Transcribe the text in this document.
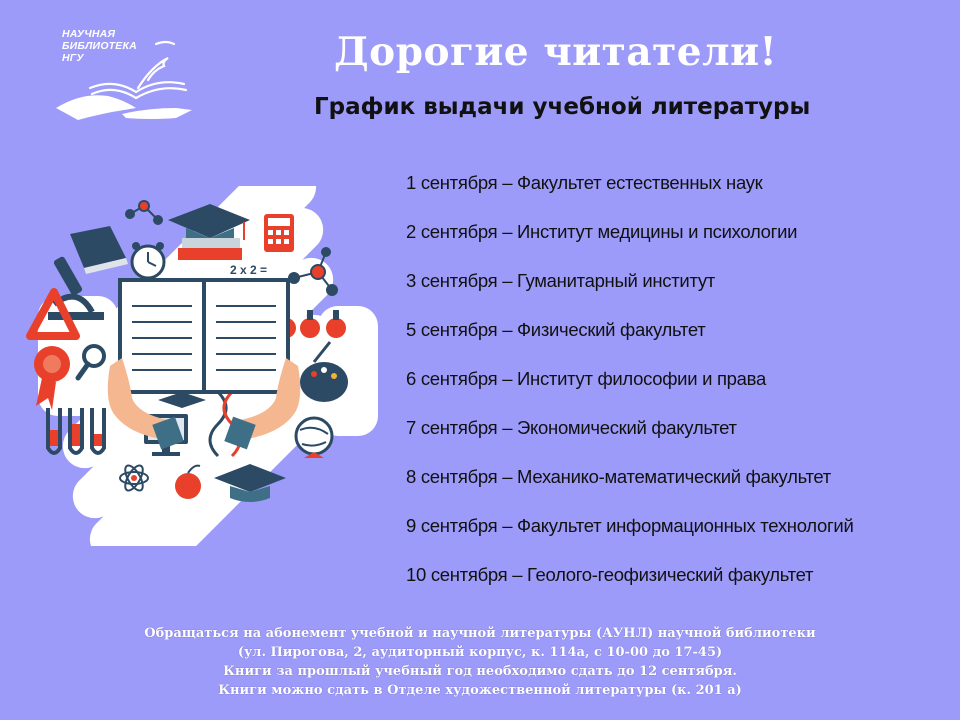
НАУЧНАЯ
БИБЛИОТЕКА
НГУ	Дорогие читатели!
График выдачи учебной литературы
1 сентября – Факультет естественных наук
2 сентября – Институт медицины и психологии
3 сентября – Гуманитарный институт
5 сентября – Физический факультет
6 сентября – Институт философии и права
7 сентября – Экономический факультет
8 сентября – Механико-математический факультет
9 сентября – Факультет информационных технологий
10 сентября – Геолого-геофизический факультет
2 x 2 =
Обращаться на абонемент учебной и научной литературы (АУНЛ) научной библиотеки
(ул. Пирогова, 2, аудиторный корпус, к. 114а, с 10-00 до 17-45)
Книги за прошлый учебный год необходимо сдать до 12 сентября.
Книги можно сдать в Отделе художественной литературы (к. 201 а)
